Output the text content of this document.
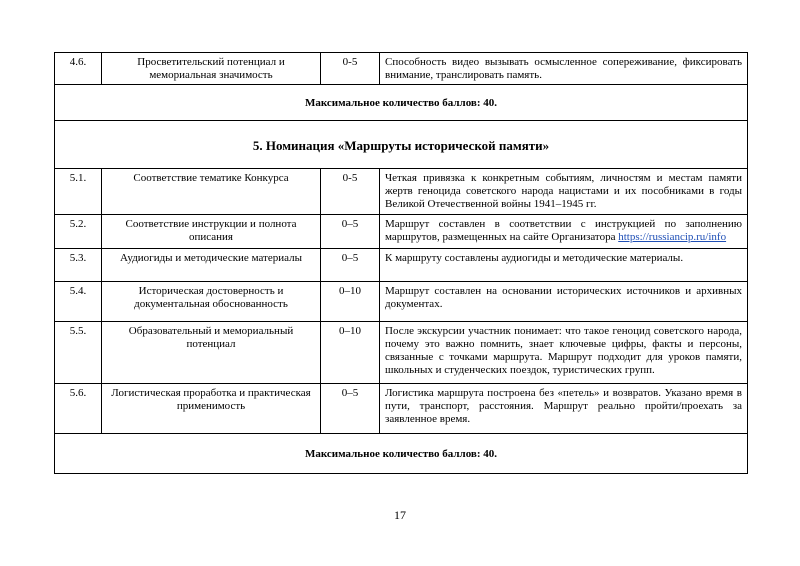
4.6.	Просветительский потенциал и мемориальная значимость	0-5	Способность видео вызывать осмысленное сопереживание, фиксировать внимание, транслировать память.
Максимальное количество баллов: 40.			
5. Номинация «Маршруты исторической памяти»			
5.1.	Соответствие тематике Конкурса	0-5	Четкая привязка к конкретным событиям, личностям и местам памяти жертв геноцида советского народа нацистами и их пособниками в годы Великой Отечественной войны 1941–1945 гг.
5.2.	Соответствие инструкции и полнота описания	0–5	Маршрут составлен в соответствии с инструкцией по заполнению маршрутов, размещенных на сайте Организатора https://russiancip.ru/info
5.3.	Аудиогиды и методические материалы	0–5	К маршруту составлены аудиогиды и методические материалы.
5.4.	Историческая достоверность и документальная обоснованность	0–10	Маршрут составлен на основании исторических источников и архивных документах.
5.5.	Образовательный и мемориальный потенциал	0–10	После экскурсии участник понимает: что такое геноцид советского народа, почему это важно помнить, знает ключевые цифры, факты и персоны, связанные с точками маршрута. Маршрут подходит для уроков памяти, школьных и студенческих поездок, туристических групп.
5.6.	Логистическая проработка и практическая применимость	0–5	Логистика маршрута построена без «петель» и возвратов. Указано время в пути, транспорт, расстояния. Маршрут реально пройти/проехать за заявленное время.
Максимальное количество баллов: 40.			
17
